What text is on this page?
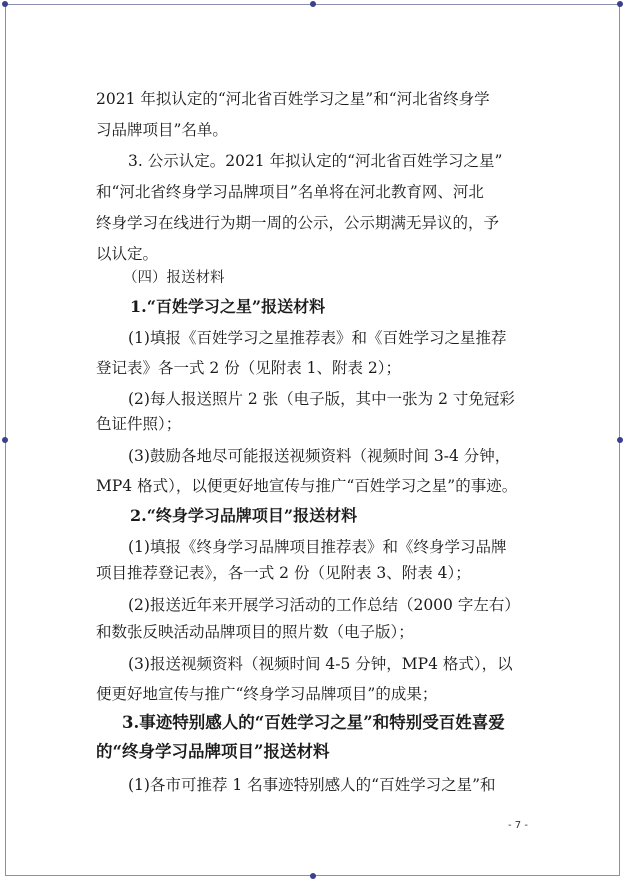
2021 年拟认定的“河北省百姓学习之星”和“河北省终身学
习品牌项目”名单。
3. 公示认定。2021 年拟认定的“河北省百姓学习之星”
和“河北省终身学习品牌项目”名单将在河北教育网、河北
终身学习在线进行为期一周的公示，公示期满无异议的，予
以认定。
（四）报送材料
1.“百姓学习之星”报送材料
(1)填报《百姓学习之星推荐表》和《百姓学习之星推荐
登记表》各一式 2 份（见附表 1、附表 2）；
(2)每人报送照片 2 张（电子版，其中一张为 2 寸免冠彩
色证件照）；
(3)鼓励各地尽可能报送视频资料（视频时间 3-4 分钟，
MP4 格式），以便更好地宣传与推广“百姓学习之星”的事迹。
2.“终身学习品牌项目”报送材料
(1)填报《终身学习品牌项目推荐表》和《终身学习品牌
项目推荐登记表》，各一式 2 份（见附表 3、附表 4）；
(2)报送近年来开展学习活动的工作总结（2000 字左右）
和数张反映活动品牌项目的照片数（电子版）；
(3)报送视频资料（视频时间 4-5 分钟，MP4 格式），以
便更好地宣传与推广“终身学习品牌项目”的成果；
3.事迹特别感人的“百姓学习之星”和特别受百姓喜爱
的“终身学习品牌项目”报送材料
(1)各市可推荐 1 名事迹特别感人的“百姓学习之星”和
- 7 -
